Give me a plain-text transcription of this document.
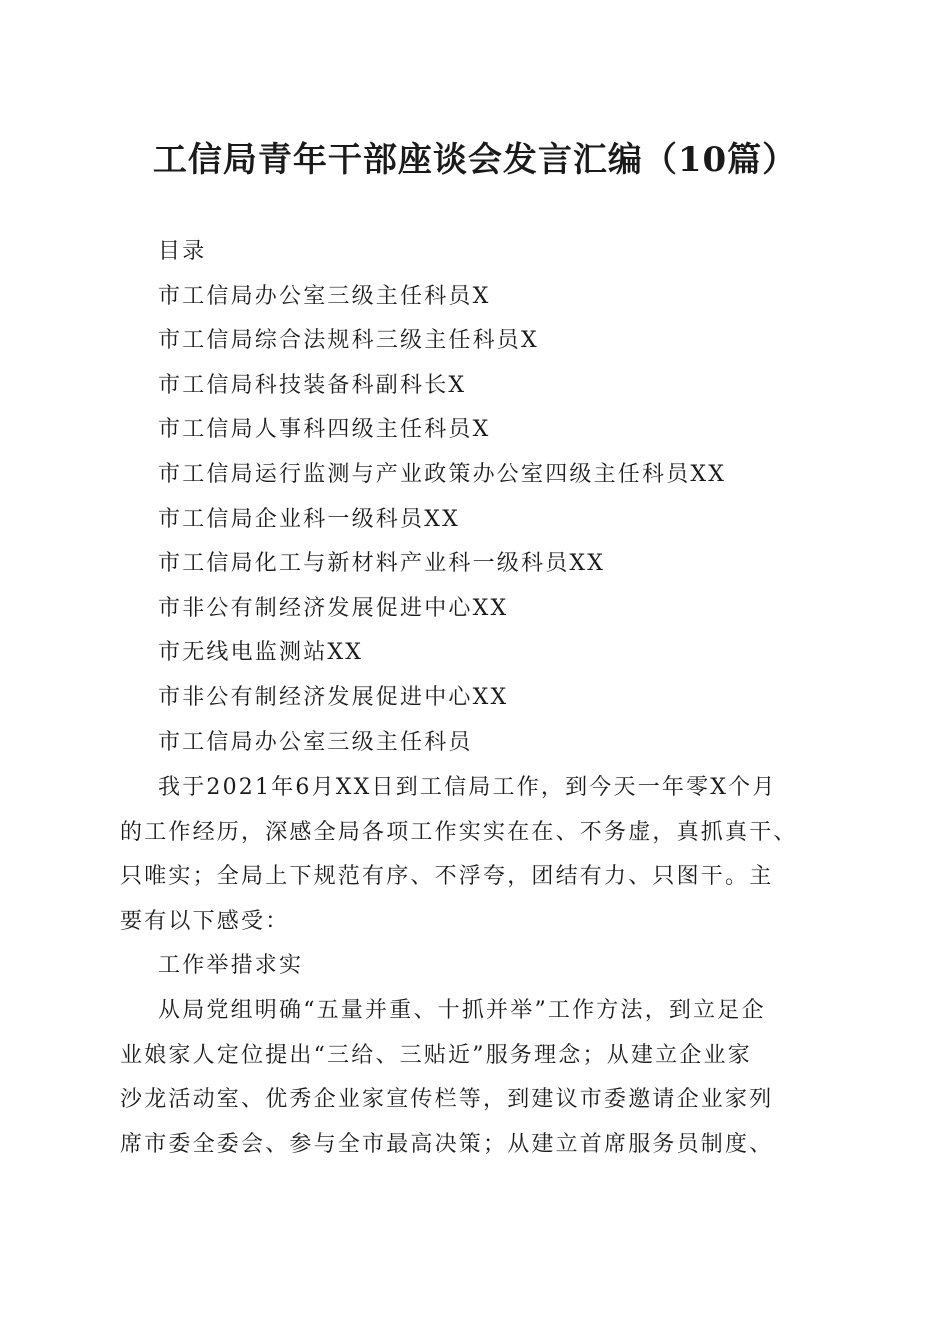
工信局青年干部座谈会发言汇编（10篇）
目录
市工信局办公室三级主任科员X
市工信局综合法规科三级主任科员X
市工信局科技装备科副科长X
市工信局人事科四级主任科员X
市工信局运行监测与产业政策办公室四级主任科员XX
市工信局企业科一级科员XX
市工信局化工与新材料产业科一级科员XX
市非公有制经济发展促进中心XX
市无线电监测站XX
市非公有制经济发展促进中心XX
市工信局办公室三级主任科员
我于2021年6月XX日到工信局工作，到今天一年零X个月
的工作经历，深感全局各项工作实实在在、不务虚，真抓真干、
只唯实；全局上下规范有序、不浮夸，团结有力、只图干。主
要有以下感受：
工作举措求实
从局党组明确“五量并重、十抓并举”工作方法，到立足企
业娘家人定位提出“三给、三贴近”服务理念；从建立企业家
沙龙活动室、优秀企业家宣传栏等，到建议市委邀请企业家列
席市委全委会、参与全市最高决策；从建立首席服务员制度、
